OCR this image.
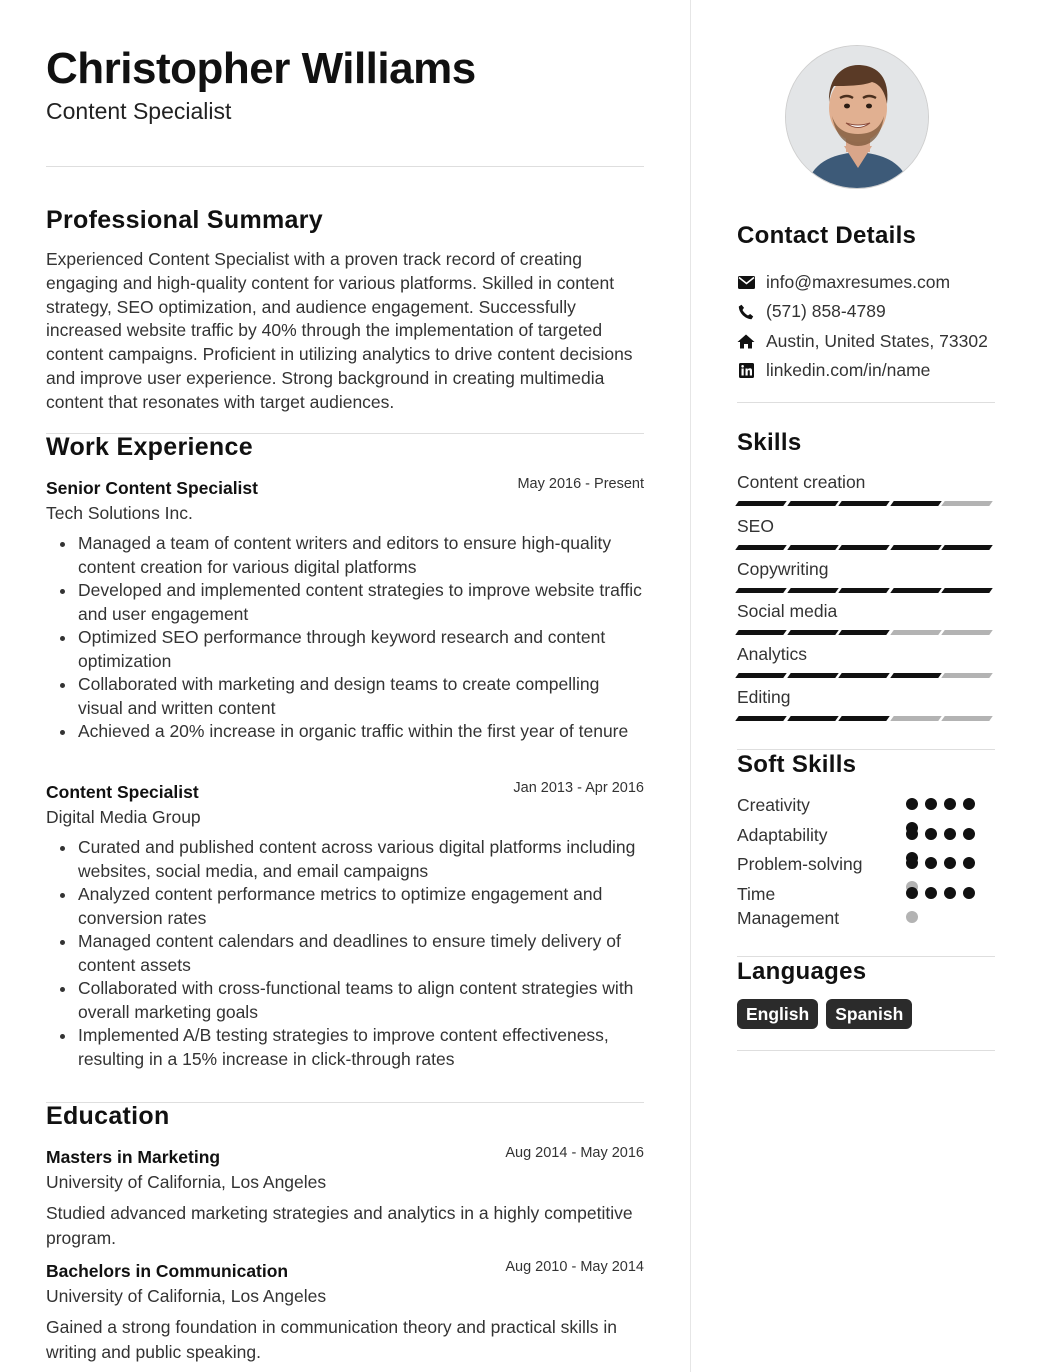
Christopher Williams
Content Specialist
Professional Summary
Experienced Content Specialist with a proven track record of creating engaging and high-quality content for various platforms. Skilled in content strategy, SEO optimization, and audience engagement. Successfully increased website traffic by 40% through the implementation of targeted content campaigns. Proficient in utilizing analytics to drive content decisions and improve user experience. Strong background in creating multimedia content that resonates with target audiences.
Work Experience
Senior Content Specialist	May 2016 - Present
Tech Solutions Inc.
Managed a team of content writers and editors to ensure high-quality content creation for various digital platforms
Developed and implemented content strategies to improve website traffic and user engagement
Optimized SEO performance through keyword research and content optimization
Collaborated with marketing and design teams to create compelling visual and written content
Achieved a 20% increase in organic traffic within the first year of tenure
Content Specialist	Jan 2013 - Apr 2016
Digital Media Group
Curated and published content across various digital platforms including websites, social media, and email campaigns
Analyzed content performance metrics to optimize engagement and conversion rates
Managed content calendars and deadlines to ensure timely delivery of content assets
Collaborated with cross-functional teams to align content strategies with overall marketing goals
Implemented A/B testing strategies to improve content effectiveness, resulting in a 15% increase in click-through rates
Education
Masters in Marketing	Aug 2014 - May 2016
University of California, Los Angeles
Studied advanced marketing strategies and analytics in a highly competitive program.
Bachelors in Communication	Aug 2010 - May 2014
University of California, Los Angeles
Gained a strong foundation in communication theory and practical skills in writing and public speaking.
Contact Details
info@maxresumes.com
(571) 858-4789
Austin, United States, 73302
linkedin.com/in/name
Skills
Content creation
SEO
Copywriting
Social media
Analytics
Editing
Soft Skills
Creativity
Adaptability
Problem-solving
Time
Management
Languages
English	Spanish
